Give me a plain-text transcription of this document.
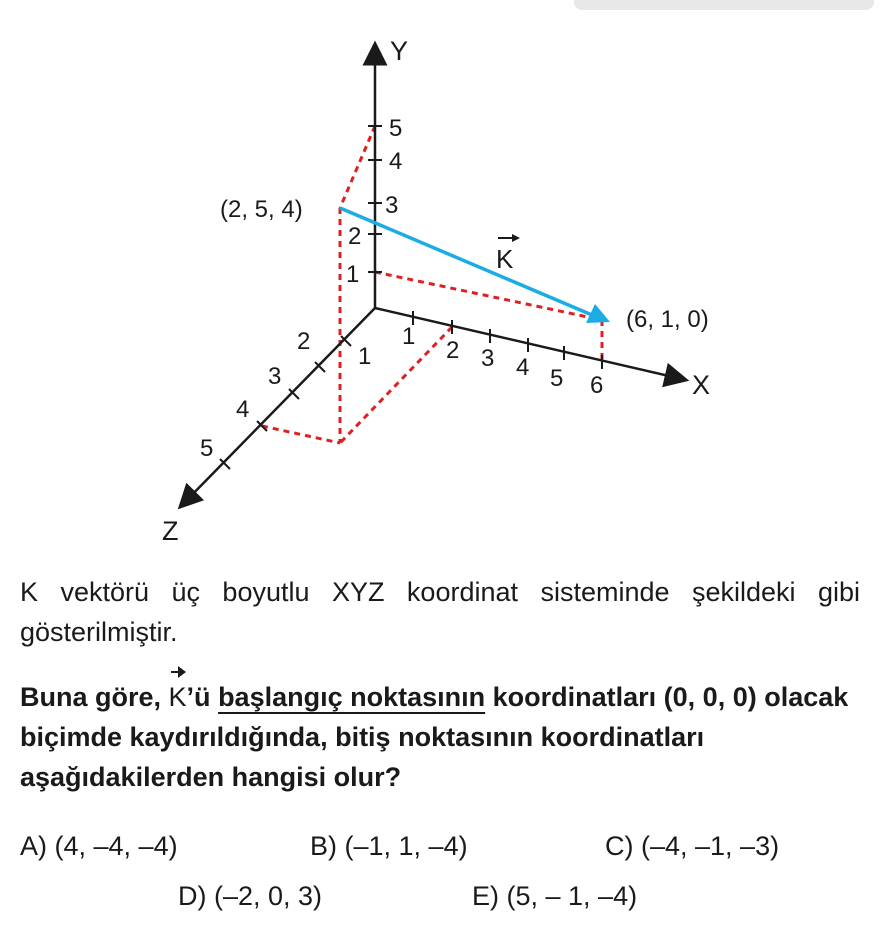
Y
X
Z
1
2
3
4
5
1
2 3 4 5 6
1
2
3
4
5
(2, 5, 4)
(6, 1, 0)
K

K vektörü üç boyutlu XYZ koordinat sisteminde şekildeki gibi gösterilmiştir.

Buna göre, K’ü başlangıç noktasının koordinatları (0, 0, 0) olacak biçimde kaydırıldığında, bitiş noktasının koordinatları aşağıdakilerden hangisi olur?

A) (4, –4, –4)	B) (–1, 1, –4)	C) (–4, –1, –3)
D) (–2, 0, 3)	E) (5, – 1, –4)
